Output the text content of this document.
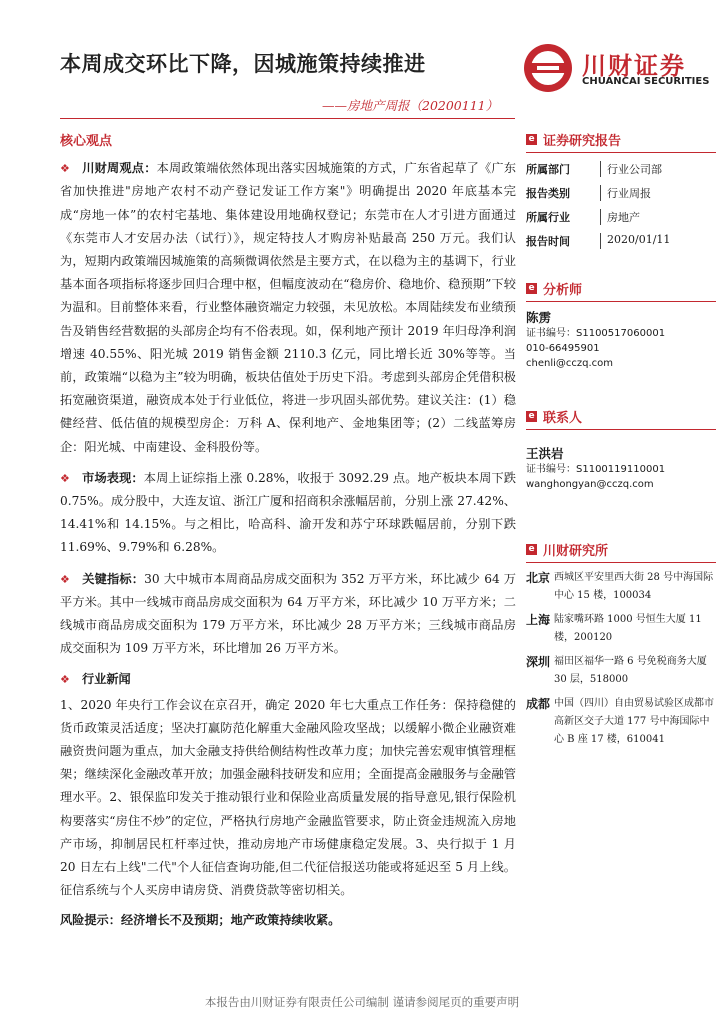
本周成交环比下降，因城施策持续推进	川财证券
CHUANCAI SECURITIES
——房地产周报（20200111）
核心观点

❖ 川财周观点：本周政策端依然体现出落实因城施策的方式，广东省起草了《广东省加快推进"房地产农村不动产登记发证工作方案"》明确提出 2020 年底基本完成“房地一体”的农村宅基地、集体建设用地确权登记；东莞市在人才引进方面通过《东莞市人才安居办法（试行）》，规定特技人才购房补贴最高 250 万元。我们认为，短期内政策端因城施策的高频微调依然是主要方式，在以稳为主的基调下，行业基本面各项指标将逐步回归合理中枢，但幅度波动在“稳房价、稳地价、稳预期”下较为温和。目前整体来看，行业整体融资端定力较强，未见放松。本周陆续发布业绩预告及销售经营数据的头部房企均有不俗表现。如，保利地产预计 2019 年归母净利润增速 40.55%、阳光城 2019 销售金额 2110.3 亿元，同比增长近 30%等等。当前，政策端“以稳为主”较为明确，板块估值处于历史下沿。考虑到头部房企凭借积极拓宽融资渠道，融资成本处于行业低位，将进一步巩固头部优势。建议关注：(1）稳健经营、低估值的规模型房企：万科 A、保利地产、金地集团等；(2）二线蓝筹房企：阳光城、中南建设、金科股份等。

❖ 市场表现：本周上证综指上涨 0.28%，收报于 3092.29 点。地产板块本周下跌 0.75%。成分股中，大连友谊、浙江广厦和招商积余涨幅居前，分别上涨 27.42%、14.41%和 14.15%。与之相比，哈高科、渝开发和苏宁环球跌幅居前，分别下跌 11.69%、9.79%和 6.28%。

❖ 关键指标：30 大中城市本周商品房成交面积为 352 万平方米，环比减少 64 万平方米。其中一线城市商品房成交面积为 64 万平方米，环比减少 10 万平方米；二线城市商品房成交面积为 179 万平方米，环比减少 28 万平方米；三线城市商品房成交面积为 109 万平方米，环比增加 26 万平方米。

❖ 行业新闻

1、2020 年央行工作会议在京召开，确定 2020 年七大重点工作任务：保持稳健的货币政策灵活适度；坚决打赢防范化解重大金融风险攻坚战；以缓解小微企业融资难融资贵问题为重点，加大金融支持供给侧结构性改革力度；加快完善宏观审慎管理框架；继续深化金融改革开放；加强金融科技研发和应用；全面提高金融服务与金融管理水平。2、银保监印发关于推动银行业和保险业高质量发展的指导意见,银行保险机构要落实“房住不炒”的定位，严格执行房地产金融监管要求，防止资金违规流入房地产市场，抑制居民杠杆率过快，推动房地产市场健康稳定发展。3、央行拟于 1 月 20 日左右上线"二代"个人征信查询功能,但二代征信报送功能或将延迟至 5 月上线。征信系统与个人买房申请房贷、消费贷款等密切相关。

风险提示：经济增长不及预期；地产政策持续收紧。

e 证券研究报告
所属部门	行业公司部
报告类别	行业周报
所属行业	房地产
报告时间	2020/01/11
e 分析师
陈雳
证书编号：S1100517060001
010-66495901
chenli@cczq.com
e 联系人
王洪岩
证书编号：S1100119110001
wanghongyan@cczq.com
e 川财研究所
北京 西城区平安里西大街 28 号中海国际中心 15 楼，100034
上海 陆家嘴环路 1000 号恒生大厦 11 楼，200120
深圳 福田区福华一路 6 号免税商务大厦 30 层，518000
成都 中国（四川）自由贸易试验区成都市高新区交子大道 177 号中海国际中心 B 座 17 楼，610041
本报告由川财证券有限责任公司编制 谨请参阅尾页的重要声明
